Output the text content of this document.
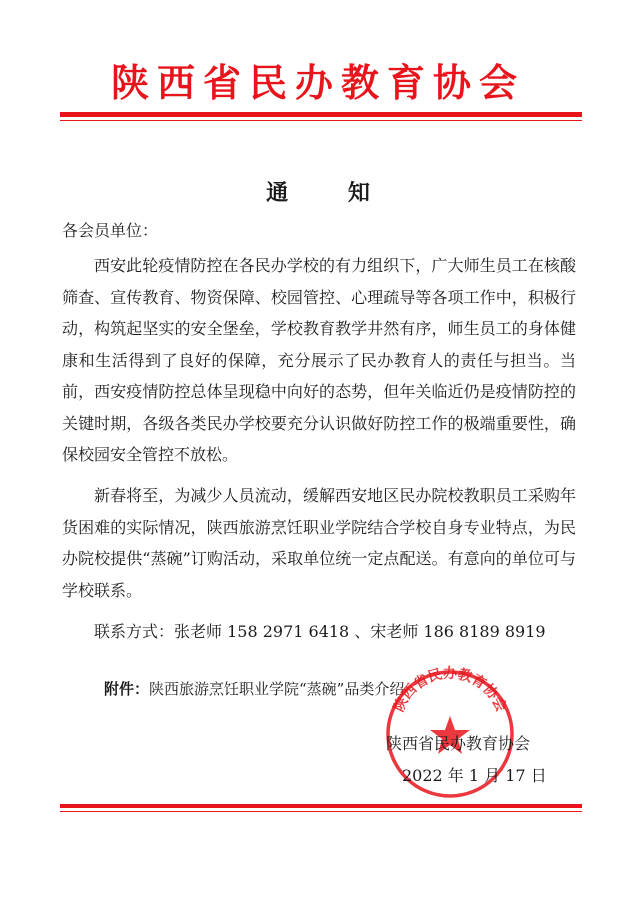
陕西省民办教育协会
通 知
各会员单位：
西安此轮疫情防控在各民办学校的有力组织下，广大师生员工在核酸筛查、宣传教育、物资保障、校园管控、心理疏导等各项工作中，积极行动，构筑起坚实的安全堡垒，学校教育教学井然有序，师生员工的身体健康和生活得到了良好的保障，充分展示了民办教育人的责任与担当。当前，西安疫情防控总体呈现稳中向好的态势，但年关临近仍是疫情防控的关键时期，各级各类民办学校要充分认识做好防控工作的极端重要性，确保校园安全管控不放松。
新春将至，为减少人员流动，缓解西安地区民办院校教职员工采购年货困难的实际情况，陕西旅游烹饪职业学院结合学校自身专业特点，为民办院校提供“蒸碗”订购活动，采取单位统一定点配送。有意向的单位可与学校联系。
联系方式：张老师 158 2971 6418 、宋老师 186 8189 8919
附件：陕西旅游烹饪职业学院“蒸碗”品类介绍
陕西省民办教育协会
陕西省民办教育协会
2022 年 1 月 17 日
